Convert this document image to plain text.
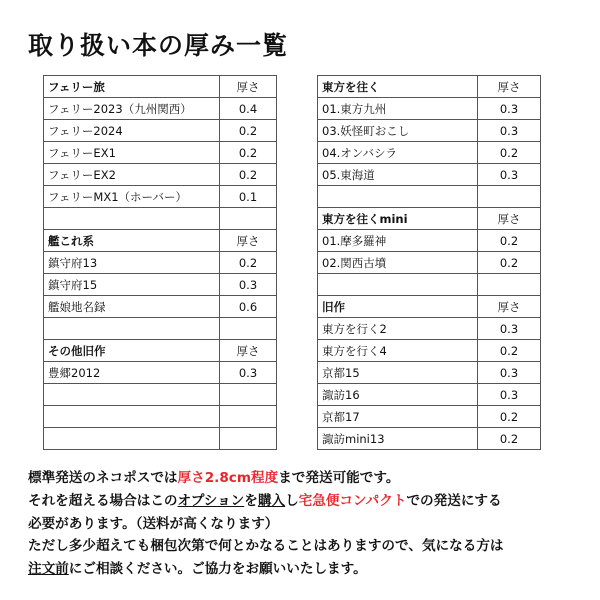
取り扱い本の厚み一覧
フェリー旅	厚さ
フェリー2023（九州関西）	0.4
フェリー2024	0.2
フェリーEX1	0.2
フェリーEX2	0.2
フェリーMX1（ホーバー）	0.1

艦これ系	厚さ
鎮守府13	0.2
鎮守府15	0.3
艦娘地名録	0.6

その他旧作	厚さ
豊郷2012	0.3

東方を往く	厚さ
01.東方九州	0.3
03.妖怪町おこし	0.3
04.オンバシラ	0.2
05.東海道	0.3

東方を往くmini	厚さ
01.摩多羅神	0.2
02.関西古墳	0.2

旧作	厚さ
東方を行く2	0.3
東方を行く4	0.2
京都15	0.3
諏訪16	0.3
京都17	0.2
諏訪mini13	0.2
標準発送のネコポスでは厚さ2.8cm程度まで発送可能です。
それを超える場合はこのオプションを購入し宅急便コンパクトでの発送にする
必要があります。（送料が高くなります）
ただし多少超えても梱包次第で何とかなることはありますので、気になる方は
注文前にご相談ください。ご協力をお願いいたします。
